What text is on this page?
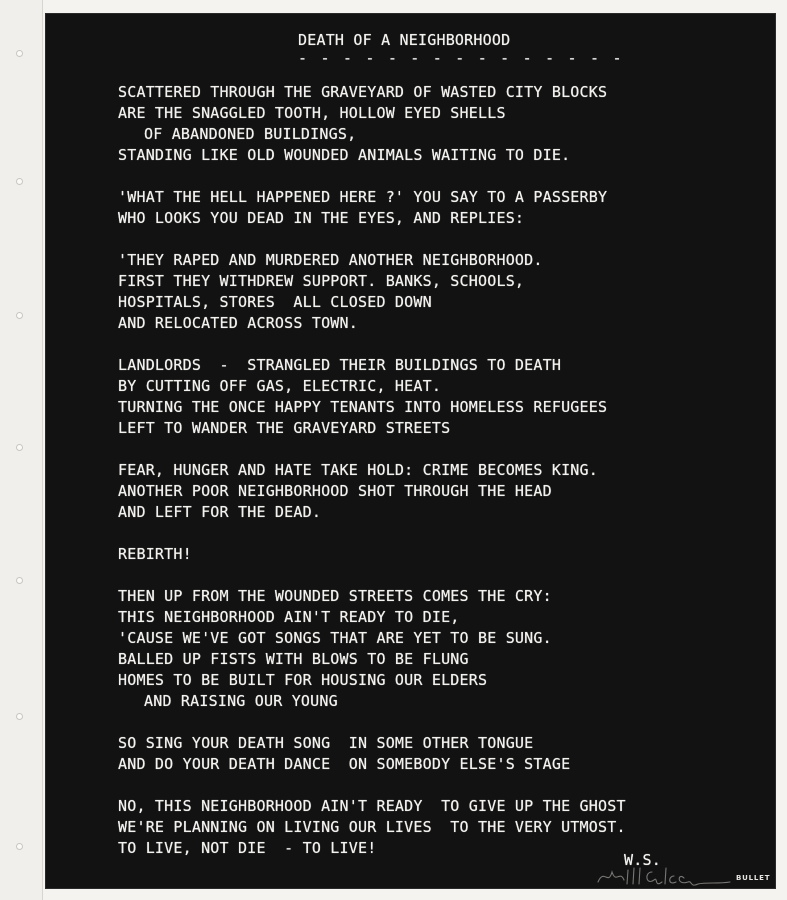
DEATH OF A NEIGHBORHOOD
- - - - - - - - - - - - - - -
SCATTERED THROUGH THE GRAVEYARD OF WASTED CITY BLOCKS
ARE THE SNAGGLED TOOTH, HOLLOW EYED SHELLS
OF ABANDONED BUILDINGS,
STANDING LIKE OLD WOUNDED ANIMALS WAITING TO DIE.
'WHAT THE HELL HAPPENED HERE ?' YOU SAY TO A PASSERBY
WHO LOOKS YOU DEAD IN THE EYES, AND REPLIES:
'THEY RAPED AND MURDERED ANOTHER NEIGHBORHOOD.
FIRST THEY WITHDREW SUPPORT. BANKS, SCHOOLS,
HOSPITALS, STORES  ALL CLOSED DOWN
AND RELOCATED ACROSS TOWN.
LANDLORDS  -  STRANGLED THEIR BUILDINGS TO DEATH
BY CUTTING OFF GAS, ELECTRIC, HEAT.
TURNING THE ONCE HAPPY TENANTS INTO HOMELESS REFUGEES
LEFT TO WANDER THE GRAVEYARD STREETS
FEAR, HUNGER AND HATE TAKE HOLD: CRIME BECOMES KING.
ANOTHER POOR NEIGHBORHOOD SHOT THROUGH THE HEAD
AND LEFT FOR THE DEAD.
REBIRTH!
THEN UP FROM THE WOUNDED STREETS COMES THE CRY:
THIS NEIGHBORHOOD AIN'T READY TO DIE,
'CAUSE WE'VE GOT SONGS THAT ARE YET TO BE SUNG.
BALLED UP FISTS WITH BLOWS TO BE FLUNG
HOMES TO BE BUILT FOR HOUSING OUR ELDERS
AND RAISING OUR YOUNG
SO SING YOUR DEATH SONG  IN SOME OTHER TONGUE
AND DO YOUR DEATH DANCE  ON SOMEBODY ELSE'S STAGE
NO, THIS NEIGHBORHOOD AIN'T READY  TO GIVE UP THE GHOST
WE'RE PLANNING ON LIVING OUR LIVES  TO THE VERY UTMOST.
TO LIVE, NOT DIE  - TO LIVE!
W.S.
BULLET
